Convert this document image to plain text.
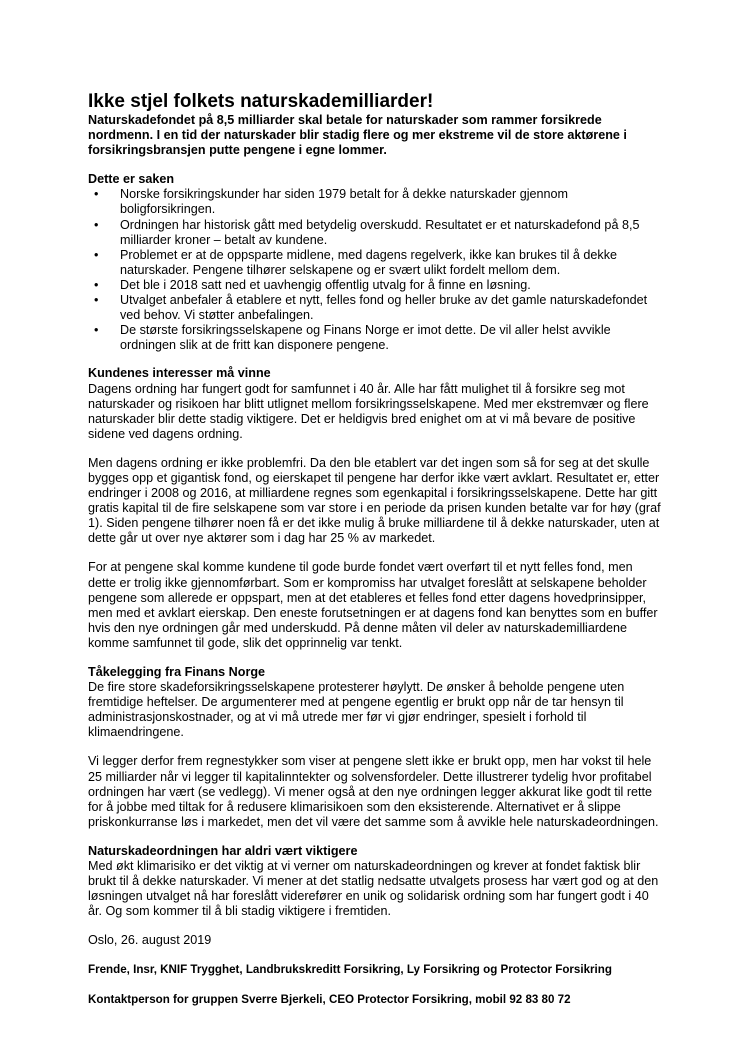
Ikke stjel folkets naturskademilliarder!

Naturskadefondet på 8,5 milliarder skal betale for naturskader som rammer forsikrede nordmenn. I en tid der naturskader blir stadig flere og mer ekstreme vil de store aktørene i forsikringsbransjen putte pengene i egne lommer.

Dette er saken
• Norske forsikringskunder har siden 1979 betalt for å dekke naturskader gjennom boligforsikringen.
• Ordningen har historisk gått med betydelig overskudd. Resultatet er et naturskadefond på 8,5 milliarder kroner – betalt av kundene.
• Problemet er at de oppsparte midlene, med dagens regelverk, ikke kan brukes til å dekke naturskader. Pengene tilhører selskapene og er svært ulikt fordelt mellom dem.
• Det ble i 2018 satt ned et uavhengig offentlig utvalg for å finne en løsning.
• Utvalget anbefaler å etablere et nytt, felles fond og heller bruke av det gamle naturskadefondet ved behov. Vi støtter anbefalingen.
• De største forsikringsselskapene og Finans Norge er imot dette. De vil aller helst avvikle ordningen slik at de fritt kan disponere pengene.
Kundenes interesser må vinne

Dagens ordning har fungert godt for samfunnet i 40 år. Alle har fått mulighet til å forsikre seg mot naturskader og risikoen har blitt utlignet mellom forsikringsselskapene. Med mer ekstremvær og flere naturskader blir dette stadig viktigere. Det er heldigvis bred enighet om at vi må bevare de positive sidene ved dagens ordning.

Men dagens ordning er ikke problemfri. Da den ble etablert var det ingen som så for seg at det skulle bygges opp et gigantisk fond, og eierskapet til pengene har derfor ikke vært avklart. Resultatet er, etter endringer i 2008 og 2016, at milliardene regnes som egenkapital i forsikringsselskapene. Dette har gitt gratis kapital til de fire selskapene som var store i en periode da prisen kunden betalte var for høy (graf 1). Siden pengene tilhører noen få er det ikke mulig å bruke milliardene til å dekke naturskader, uten at dette går ut over nye aktører som i dag har 25 % av markedet.

For at pengene skal komme kundene til gode burde fondet vært overført til et nytt felles fond, men dette er trolig ikke gjennomførbart. Som er kompromiss har utvalget foreslått at selskapene beholder pengene som allerede er oppspart, men at det etableres et felles fond etter dagens hovedprinsipper, men med et avklart eierskap. Den eneste forutsetningen er at dagens fond kan benyttes som en buffer hvis den nye ordningen går med underskudd. På denne måten vil deler av naturskademilliardene komme samfunnet til gode, slik det opprinnelig var tenkt.

Tåkelegging fra Finans Norge

De fire store skadeforsikringsselskapene protesterer høylytt. De ønsker å beholde pengene uten fremtidige heftelser. De argumenterer med at pengene egentlig er brukt opp når de tar hensyn til administrasjonskostnader, og at vi må utrede mer før vi gjør endringer, spesielt i forhold til klimaendringene.

Vi legger derfor frem regnestykker som viser at pengene slett ikke er brukt opp, men har vokst til hele 25 milliarder når vi legger til kapitalinntekter og solvensfordeler. Dette illustrerer tydelig hvor profitabel ordningen har vært (se vedlegg). Vi mener også at den nye ordningen legger akkurat like godt til rette for å jobbe med tiltak for å redusere klimarisikoen som den eksisterende. Alternativet er å slippe priskonkurranse løs i markedet, men det vil være det samme som å avvikle hele naturskadeordningen.

Naturskadeordningen har aldri vært viktigere

Med økt klimarisiko er det viktig at vi verner om naturskadeordningen og krever at fondet faktisk blir brukt til å dekke naturskader. Vi mener at det statlig nedsatte utvalgets prosess har vært god og at den løsningen utvalget nå har foreslått viderefører en unik og solidarisk ordning som har fungert godt i 40 år. Og som kommer til å bli stadig viktigere i fremtiden.

Oslo, 26. august 2019

Frende, Insr, KNIF Trygghet, Landbrukskreditt Forsikring, Ly Forsikring og Protector Forsikring

Kontaktperson for gruppen Sverre Bjerkeli, CEO Protector Forsikring, mobil 92 83 80 72
